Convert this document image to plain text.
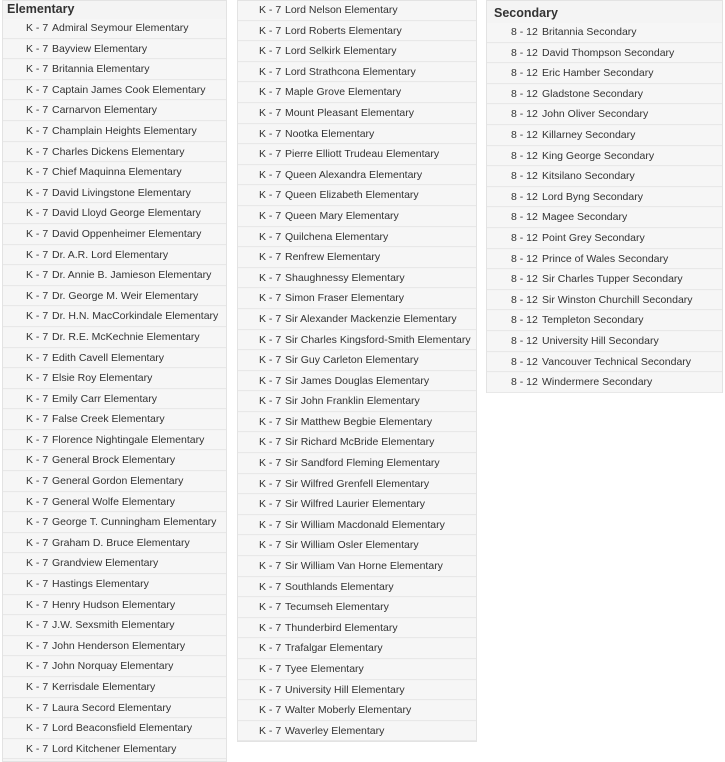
Elementary
K - 7 Admiral Seymour Elementary
K - 7 Bayview Elementary
K - 7 Britannia Elementary
K - 7 Captain James Cook Elementary
K - 7 Carnarvon Elementary
K - 7 Champlain Heights Elementary
K - 7 Charles Dickens Elementary
K - 7 Chief Maquinna Elementary
K - 7 David Livingstone Elementary
K - 7 David Lloyd George Elementary
K - 7 David Oppenheimer Elementary
K - 7 Dr. A.R. Lord Elementary
K - 7 Dr. Annie B. Jamieson Elementary
K - 7 Dr. George M. Weir Elementary
K - 7 Dr. H.N. MacCorkindale Elementary
K - 7 Dr. R.E. McKechnie Elementary
K - 7 Edith Cavell Elementary
K - 7 Elsie Roy Elementary
K - 7 Emily Carr Elementary
K - 7 False Creek Elementary
K - 7 Florence Nightingale Elementary
K - 7 General Brock Elementary
K - 7 General Gordon Elementary
K - 7 General Wolfe Elementary
K - 7 George T. Cunningham Elementary
K - 7 Graham D. Bruce Elementary
K - 7 Grandview Elementary
K - 7 Hastings Elementary
K - 7 Henry Hudson Elementary
K - 7 J.W. Sexsmith Elementary
K - 7 John Henderson Elementary
K - 7 John Norquay Elementary
K - 7 Kerrisdale Elementary
K - 7 Laura Secord Elementary
K - 7 Lord Beaconsfield Elementary
K - 7 Lord Kitchener Elementary
K - 7 Lord Nelson Elementary
K - 7 Lord Roberts Elementary
K - 7 Lord Selkirk Elementary
K - 7 Lord Strathcona Elementary
K - 7 Maple Grove Elementary
K - 7 Mount Pleasant Elementary
K - 7 Nootka Elementary
K - 7 Pierre Elliott Trudeau Elementary
K - 7 Queen Alexandra Elementary
K - 7 Queen Elizabeth Elementary
K - 7 Queen Mary Elementary
K - 7 Quilchena Elementary
K - 7 Renfrew Elementary
K - 7 Shaughnessy Elementary
K - 7 Simon Fraser Elementary
K - 7 Sir Alexander Mackenzie Elementary
K - 7 Sir Charles Kingsford-Smith Elementary
K - 7 Sir Guy Carleton Elementary
K - 7 Sir James Douglas Elementary
K - 7 Sir John Franklin Elementary
K - 7 Sir Matthew Begbie Elementary
K - 7 Sir Richard McBride Elementary
K - 7 Sir Sandford Fleming Elementary
K - 7 Sir Wilfred Grenfell Elementary
K - 7 Sir Wilfred Laurier Elementary
K - 7 Sir William Macdonald Elementary
K - 7 Sir William Osler Elementary
K - 7 Sir William Van Horne Elementary
K - 7 Southlands Elementary
K - 7 Tecumseh Elementary
K - 7 Thunderbird Elementary
K - 7 Trafalgar Elementary
K - 7 Tyee Elementary
K - 7 University Hill Elementary
K - 7 Walter Moberly Elementary
K - 7 Waverley Elementary
Secondary
8 - 12 Britannia Secondary
8 - 12 David Thompson Secondary
8 - 12 Eric Hamber Secondary
8 - 12 Gladstone Secondary
8 - 12 John Oliver Secondary
8 - 12 Killarney Secondary
8 - 12 King George Secondary
8 - 12 Kitsilano Secondary
8 - 12 Lord Byng Secondary
8 - 12 Magee Secondary
8 - 12 Point Grey Secondary
8 - 12 Prince of Wales Secondary
8 - 12 Sir Charles Tupper Secondary
8 - 12 Sir Winston Churchill Secondary
8 - 12 Templeton Secondary
8 - 12 University Hill Secondary
8 - 12 Vancouver Technical Secondary
8 - 12 Windermere Secondary
